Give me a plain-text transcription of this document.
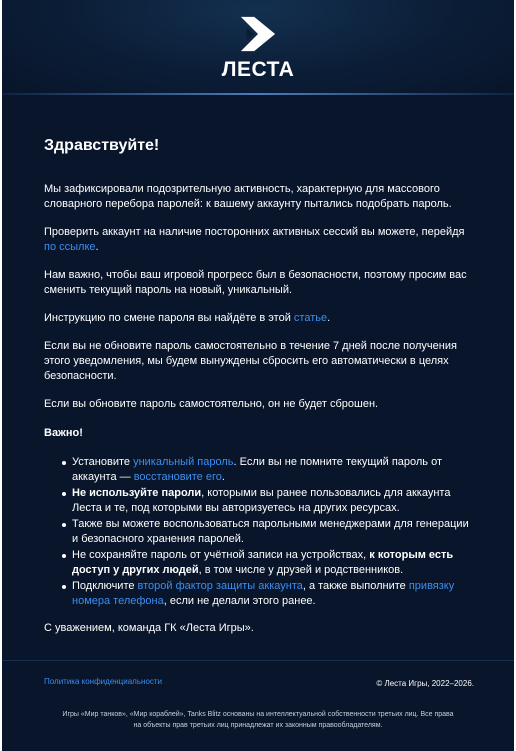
ЛЕСТА
Здравствуйте!

Мы зафиксировали подозрительную активность, характерную для массового словарного перебора паролей: к вашему аккаунту пытались подобрать пароль.

Проверить аккаунт на наличие посторонних активных сессий вы можете, перейдя по ссылке.

Нам важно, чтобы ваш игровой прогресс был в безопасности, поэтому просим вас сменить текущий пароль на новый, уникальный.

Инструкцию по смене пароля вы найдёте в этой статье.

Если вы не обновите пароль самостоятельно в течение 7 дней после получения этого уведомления, мы будем вынуждены сбросить его автоматически в целях безопасности.

Если вы обновите пароль самостоятельно, он не будет сброшен.

Важно!
Установите уникальный пароль. Если вы не помните текущий пароль от аккаунта — восстановите его.
Не используйте пароли, которыми вы ранее пользовались для аккаунта Леста и те, под которыми вы авторизуетесь на других ресурсах.
Также вы можете воспользоваться парольными менеджерами для генерации и безопасного хранения паролей.
Не сохраняйте пароль от учётной записи на устройствах, к которым есть доступ у других людей, в том числе у друзей и родственников.
Подключите второй фактор защиты аккаунта, а также выполните привязку номера телефона, если не делали этого ранее.

С уважением, команда ГК «Леста Игры».

Политика конфиденциальности	© Леста Игры, 2022–2026.
Игры «Мир танков», «Мир кораблей», Tanks Blitz основаны на интеллектуальной собственности третьих лиц. Все права на объекты прав третьих лиц принадлежат их законным правообладателям.
